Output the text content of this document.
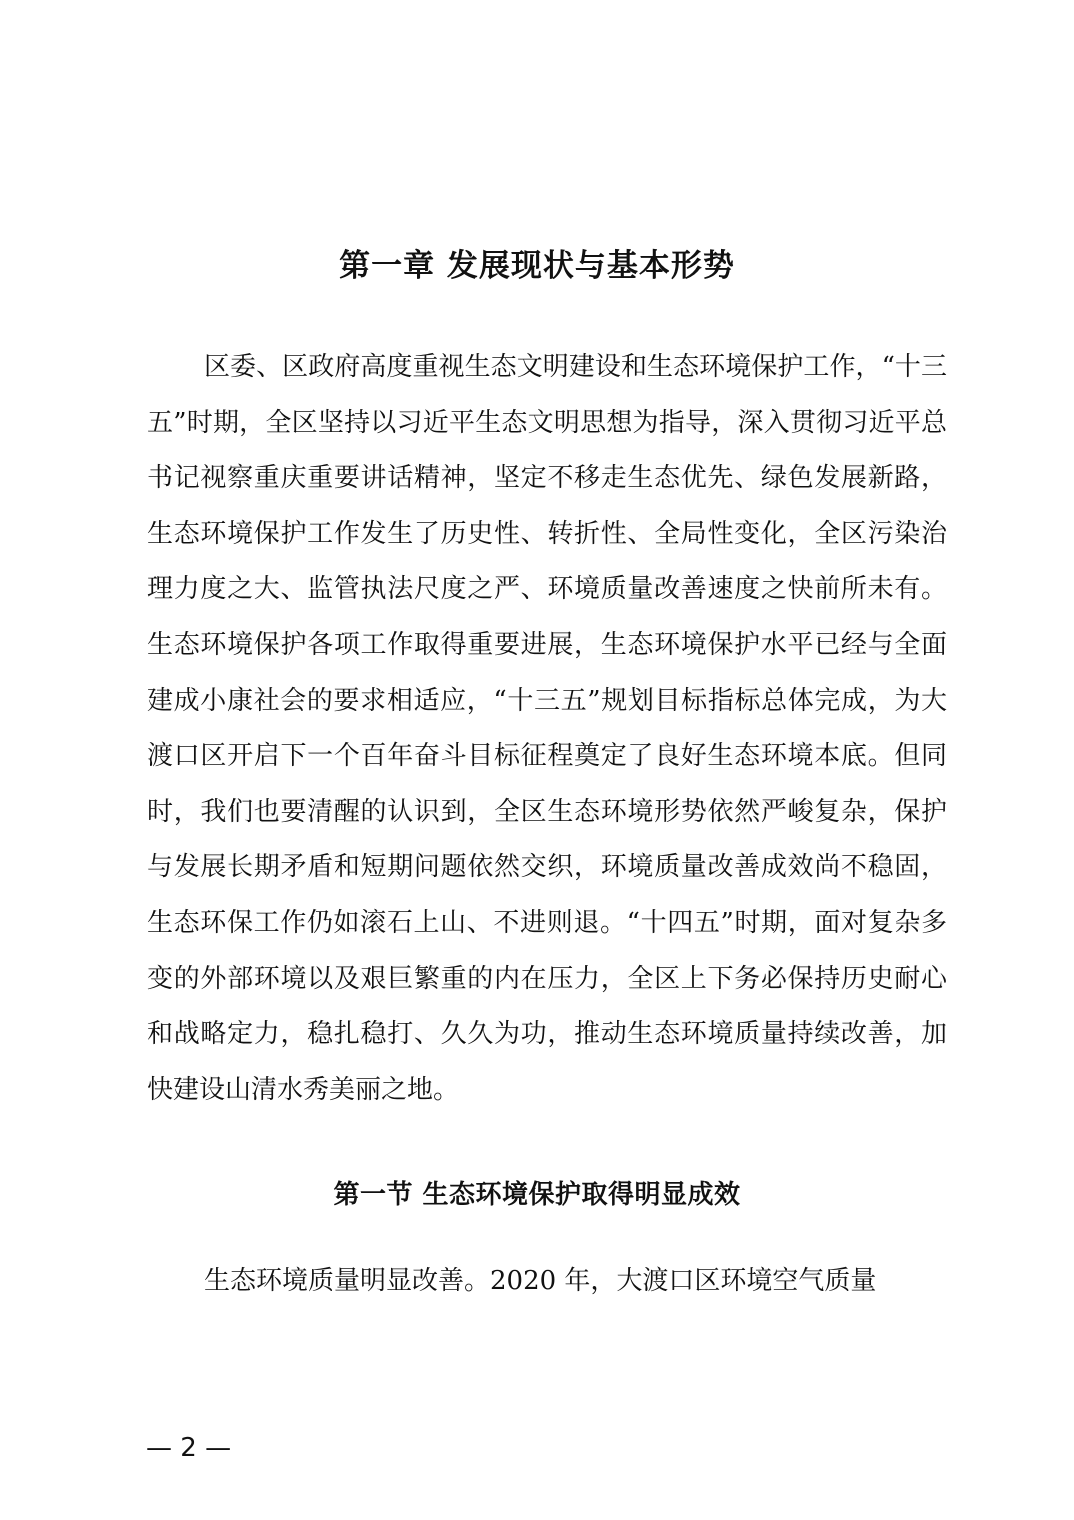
第一章 发展现状与基本形势

区委、区政府高度重视生态文明建设和生态环境保护工作，“十三五”时期，全区坚持以习近平生态文明思想为指导，深入贯彻习近平总书记视察重庆重要讲话精神，坚定不移走生态优先、绿色发展新路，生态环境保护工作发生了历史性、转折性、全局性变化，全区污染治理力度之大、监管执法尺度之严、环境质量改善速度之快前所未有。生态环境保护各项工作取得重要进展，生态环境保护水平已经与全面建成小康社会的要求相适应，“十三五”规划目标指标总体完成，为大渡口区开启下一个百年奋斗目标征程奠定了良好生态环境本底。但同时，我们也要清醒的认识到，全区生态环境形势依然严峻复杂，保护与发展长期矛盾和短期问题依然交织，环境质量改善成效尚不稳固，生态环保工作仍如滚石上山、不进则退。“十四五”时期，面对复杂多变的外部环境以及艰巨繁重的内在压力，全区上下务必保持历史耐心和战略定力，稳扎稳打、久久为功，推动生态环境质量持续改善，加快建设山清水秀美丽之地。

第一节 生态环境保护取得明显成效

生态环境质量明显改善。2020 年，大渡口区环境空气质量

— 2 —
